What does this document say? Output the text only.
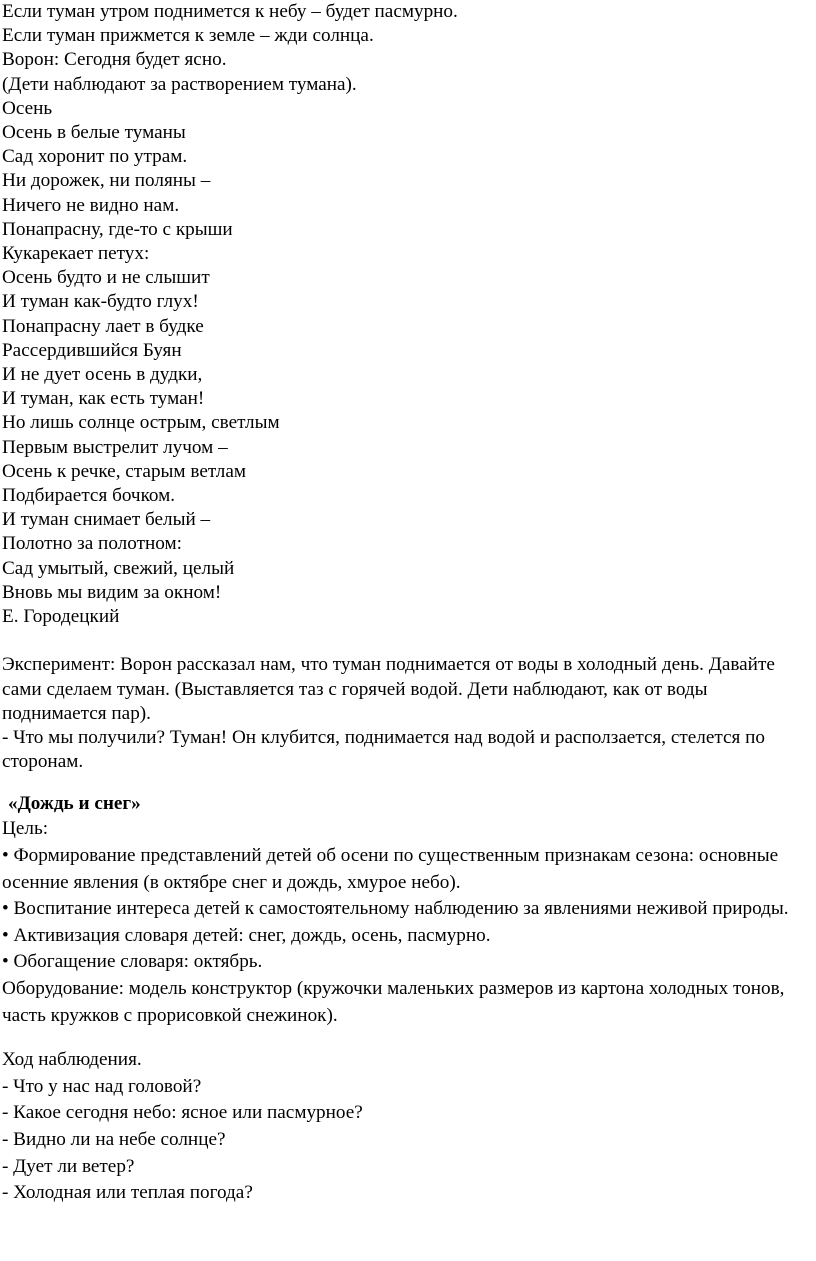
Если туман утром поднимется к небу – будет пасмурно.

Если туман прижмется к земле – жди солнца.

Ворон: Сегодня будет ясно.

(Дети наблюдают за растворением тумана).

Осень

Осень в белые туманы

Сад хоронит по утрам.

Ни дорожек, ни поляны –

Ничего не видно нам.

Понапрасну, где-то с крыши

Кукарекает петух:

Осень будто и не слышит

И туман как-будто глух!

Понапрасну лает в будке

Рассердившийся Буян

И не дует осень в дудки,

И туман, как есть туман!

Но лишь солнце острым, светлым

Первым выстрелит лучом –

Осень к речке, старым ветлам

Подбирается бочком.

И туман снимает белый –

Полотно за полотном:

Сад умытый, свежий, целый

Вновь мы видим за окном!

Е. Городецкий

Эксперимент: Ворон рассказал нам, что туман поднимается от воды в холодный день. Давайте сами сделаем туман. (Выставляется таз с горячей водой. Дети наблюдают, как от воды поднимается пар).

- Что мы получили? Туман! Он клубится, поднимается над водой и расползается, стелется по сторонам.

«Дождь и снег»

Цель:

• Формирование представлений детей об осени по существенным признакам сезона: основные осенние явления (в октябре снег и дождь, хмурое небо).

• Воспитание интереса детей к самостоятельному наблюдению за явлениями неживой природы.

• Активизация словаря детей: снег, дождь, осень, пасмурно.

• Обогащение словаря: октябрь.

Оборудование: модель конструктор (кружочки маленьких размеров из картона холодных тонов, часть кружков с прорисовкой снежинок).

Ход наблюдения.

- Что у нас над головой?

- Какое сегодня небо: ясное или пасмурное?

- Видно ли на небе солнце?

- Дует ли ветер?

- Холодная или теплая погода?
